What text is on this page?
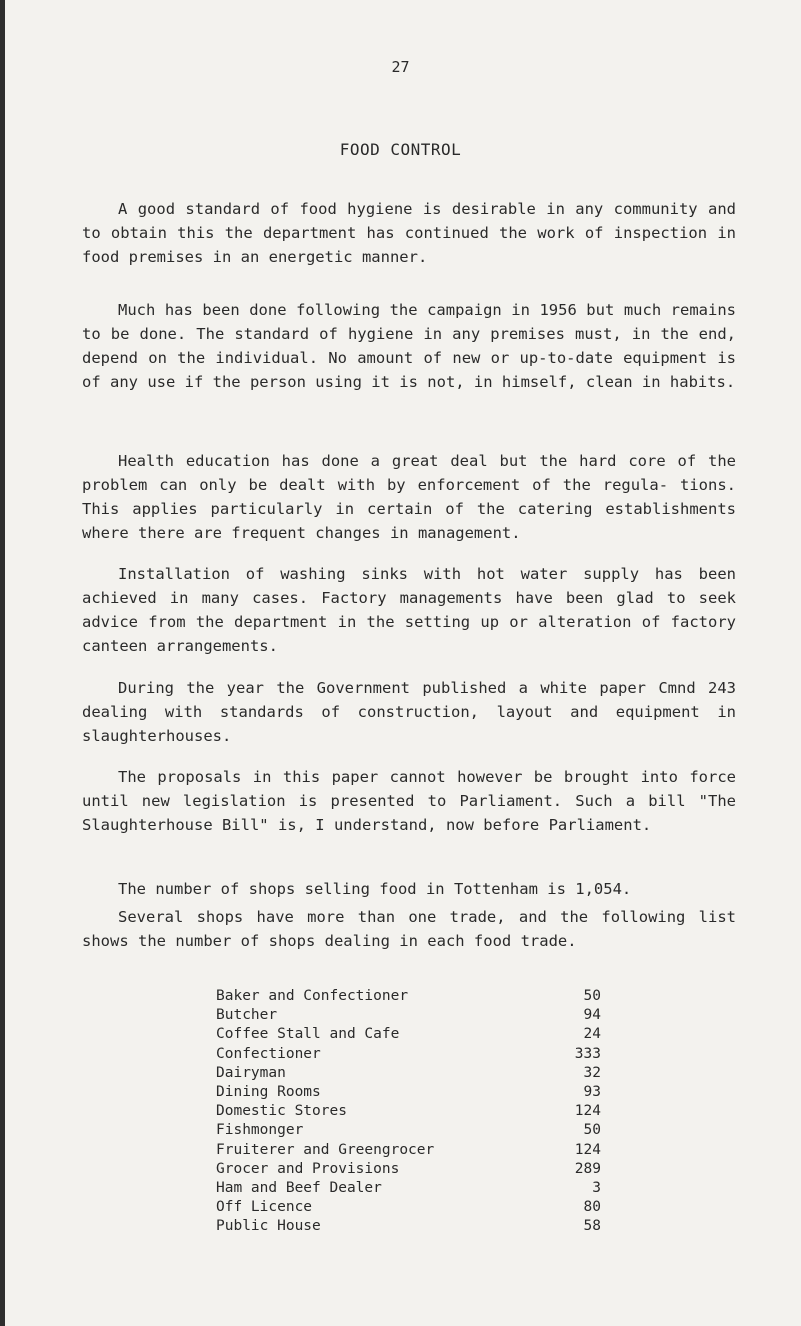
27
FOOD CONTROL

A good standard of food hygiene is desirable in any community and to obtain this the department has continued the work of inspection in food premises in an energetic manner.

Much has been done following the campaign in 1956 but much remains to be done. The standard of hygiene in any premises must, in the end, depend on the individual. No amount of new or up-to-date equipment is of any use if the person using it is not, in himself, clean in habits.

Health education has done a great deal but the hard core of the problem can only be dealt with by enforcement of the regula- tions. This applies particularly in certain of the catering establishments where there are frequent changes in management.

Installation of washing sinks with hot water supply has been achieved in many cases. Factory managements have been glad to seek advice from the department in the setting up or alteration of factory canteen arrangements.

During the year the Government published a white paper Cmnd 243 dealing with standards of construction, layout and equipment in slaughterhouses.

The proposals in this paper cannot however be brought into force until new legislation is presented to Parliament. Such a bill "The Slaughterhouse Bill" is, I understand, now before Parliament.

The number of shops selling food in Tottenham is 1,054.

Several shops have more than one trade, and the following list shows the number of shops dealing in each food trade.

Baker and Confectioner	50
Butcher	94
Coffee Stall and Cafe	24
Confectioner	333
Dairyman	32
Dining Rooms	93
Domestic Stores	124
Fishmonger	50
Fruiterer and Greengrocer	124
Grocer and Provisions	289
Ham and Beef Dealer	3
Off Licence	80
Public House	58
